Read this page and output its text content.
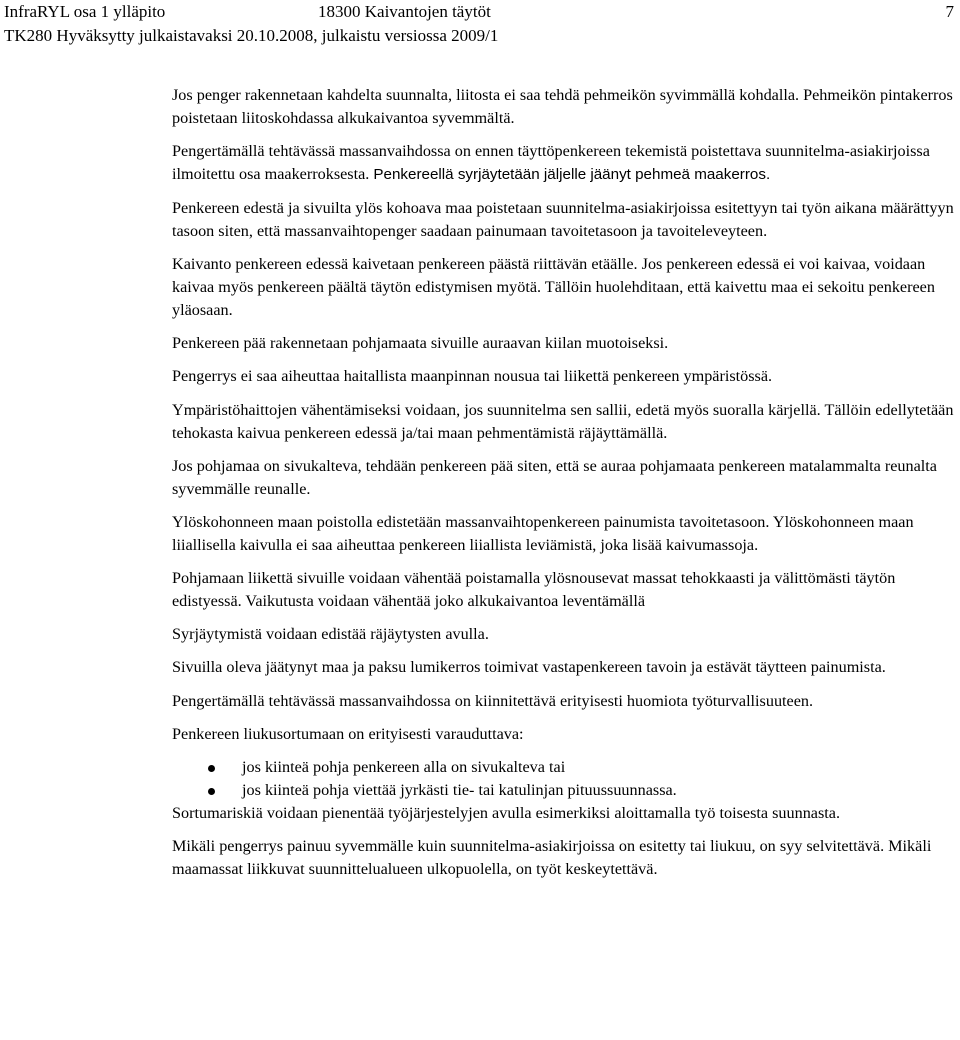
InfraRYL osa 1 ylläpito	18300 Kaivantojen täytöt	7
TK280 Hyväksytty julkaistavaksi 20.10.2008, julkaistu versiossa 2009/1

Jos penger rakennetaan kahdelta suunnalta, liitosta ei saa tehdä pehmeikön syvimmällä kohdalla. Pehmeikön pintakerros poistetaan liitoskohdassa alkukaivantoa syvemmältä.

Pengertämällä tehtävässä massanvaihdossa on ennen täyttöpenkereen tekemistä poistettava suunnitelma-asiakirjoissa ilmoitettu osa maakerroksesta. Penkereellä syrjäytetään jäljelle jäänyt pehmeä maakerros.

Penkereen edestä ja sivuilta ylös kohoava maa poistetaan suunnitelma-asiakirjoissa esitettyyn tai työn aikana määrättyyn tasoon siten, että massanvaihtopenger saadaan painumaan tavoitetasoon ja tavoiteleveyteen.

Kaivanto penkereen edessä kaivetaan penkereen päästä riittävän etäälle. Jos penkereen edessä ei voi kaivaa, voidaan kaivaa myös penkereen päältä täytön edistymisen myötä. Tällöin huolehditaan, että kaivettu maa ei sekoitu penkereen yläosaan.

Penkereen pää rakennetaan pohjamaata sivuille auraavan kiilan muotoiseksi.

Pengerrys ei saa aiheuttaa haitallista maanpinnan nousua tai liikettä penkereen ympäristössä.

Ympäristöhaittojen vähentämiseksi voidaan, jos suunnitelma sen sallii, edetä myös suoralla kärjellä. Tällöin edellytetään tehokasta kaivua penkereen edessä ja/tai maan pehmentämistä räjäyttämällä.

Jos pohjamaa on sivukalteva, tehdään penkereen pää siten, että se auraa pohjamaata penkereen matalammalta reunalta syvemmälle reunalle.

Ylöskohonneen maan poistolla edistetään massanvaihtopenkereen painumista tavoitetasoon. Ylöskohonneen maan liiallisella kaivulla ei saa aiheuttaa penkereen liiallista leviämistä, joka lisää kaivumassoja.

Pohjamaan liikettä sivuille voidaan vähentää poistamalla ylösnousevat massat tehokkaasti ja välittömästi täytön edistyessä. Vaikutusta voidaan vähentää joko alkukaivantoa leventämällä

Syrjäytymistä voidaan edistää räjäytysten avulla.

Sivuilla oleva jäätynyt maa ja paksu lumikerros toimivat vastapenkereen tavoin ja estävät täytteen painumista.

Pengertämällä tehtävässä massanvaihdossa on kiinnitettävä erityisesti huomiota työturvallisuuteen.

Penkereen liukusortumaan on erityisesti varauduttava:

jos kiinteä pohja penkereen alla on sivukalteva tai
jos kiinteä pohja viettää jyrkästi tie- tai katulinjan pituussuunnassa.

Sortumariskiä voidaan pienentää työjärjestelyjen avulla esimerkiksi aloittamalla työ toisesta suunnasta.

Mikäli pengerrys painuu syvemmälle kuin suunnitelma-asiakirjoissa on esitetty tai liukuu, on syy selvitettävä. Mikäli maamassat liikkuvat suunnittelualueen ulkopuolella, on työt keskeytettävä.
